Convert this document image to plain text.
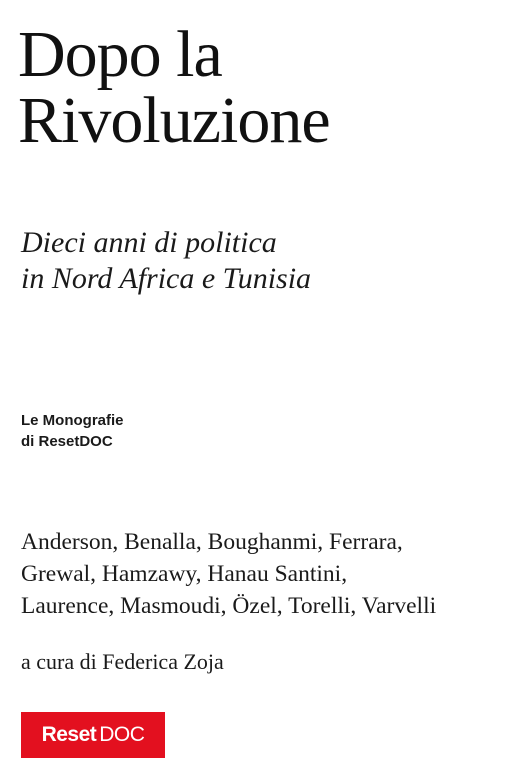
Dopo la
Rivoluzione
Dieci anni di politica
in Nord Africa e Tunisia
Le Monografie
di ResetDOC
Anderson, Benalla, Boughanmi, Ferrara,
Grewal, Hamzawy, Hanau Santini,
Laurence, Masmoudi, Özel, Torelli, Varvelli
a cura di Federica Zoja
Reset DOC
